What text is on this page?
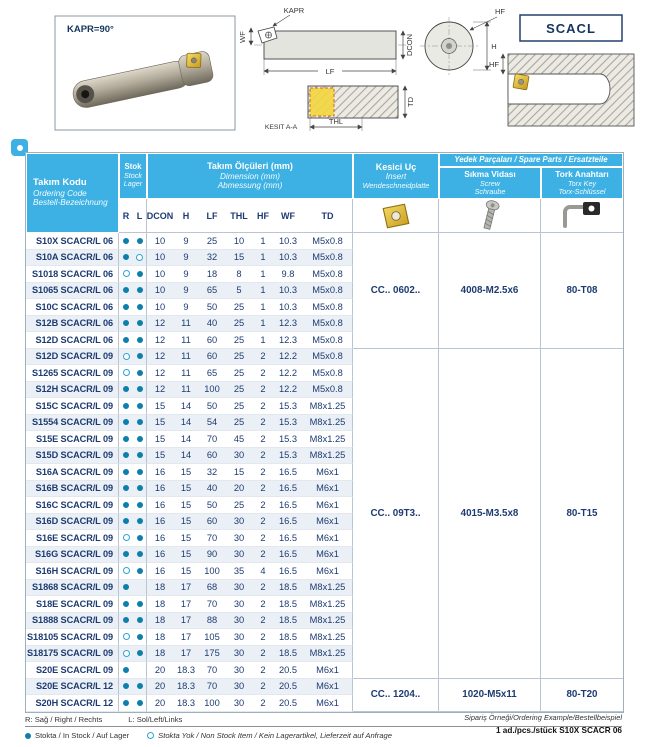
KAPR=90°
KAPR
WF	DCON
LF
TD
THL
KESIT A-A
H
HF
SCACL
HF
Takım Kodu
Ordering Code
Bestell-Bezeichnung
Stok
Stock
Lager
Takım Ölçüleri (mm)
Dimension (mm)
Abmessung (mm)
R L DCON	H	LF	THL	HF	WF	TD
Kesici Uç
Insert
Wendeschneidplatte
Yedek Parçaları / Spare Parts / Ersatzteile
Sıkma Vidası
Screw
Schraube
Tork Anahtarı
Torx Key
Torx-Schlüssel
S10X SCACR/L 06	10	9	25	10	1	10.3	M5x0.8
S10A SCACR/L 06	10	9	32	15	1	10.3	M5x0.8
S1018 SCACR/L 06	10	9	18	8	1	9.8	M5x0.8
S1065 SCACR/L 06	10	9	65	5	1	10.3	M5x0.8
S10C SCACR/L 06	10	9	50	25	1	10.3	M5x0.8
S12B SCACR/L 06	12	11	40	25	1	12.3	M5x0.8
S12D SCACR/L 06	12	11	60	25	1	12.3	M5x0.8
S12D SCACR/L 09	12	11	60	25	2	12.2	M5x0.8
S1265 SCACR/L 09	12	11	65	25	2	12.2	M5x0.8
S12H SCACR/L 09	12	11	100	25	2	12.2	M5x0.8
S15C SCACR/L 09	15	14	50	25	2	15.3	M8x1.25
S1554 SCACR/L 09	15	14	54	25	2	15.3	M8x1.25
S15E SCACR/L 09	15	14	70	45	2	15.3	M8x1.25
S15D SCACR/L 09	15	14	60	30	2	15.3	M8x1.25
S16A SCACR/L 09	16	15	32	15	2	16.5	M6x1
S16B SCACR/L 09	16	15	40	20	2	16.5	M6x1
S16C SCACR/L 09	16	15	50	25	2	16.5	M6x1
S16D SCACR/L 09	16	15	60	30	2	16.5	M6x1
S16E SCACR/L 09	16	15	70	30	2	16.5	M6x1
S16G SCACR/L 09	16	15	90	30	2	16.5	M6x1
S16H SCACR/L 09	16	15	100	35	4	16.5	M6x1
S1868 SCACR/L 09	18	17	68	30	2	18.5	M8x1.25
S18E SCACR/L 09	18	17	70	30	2	18.5	M8x1.25
S1888 SCACR/L 09	18	17	88	30	2	18.5	M8x1.25
S18105 SCACR/L 09	18	17	105	30	2	18.5	M8x1.25
S18175 SCACR/L 09	18	17	175	30	2	18.5	M8x1.25
S20E SCACR/L 09	20	18.3	70	30	2	20.5	M6x1
S20E SCACR/L 12	20	18.3	70	30	2	20.5	M6x1
S20H SCACR/L 12	20	18.3 100	30	2	20.5	M6x1
CC.. 0602..	4008-M2.5x6	80-T08
CC.. 09T3..	4015-M3.5x8	80-T15
CC.. 1204..	1020-M5x11	80-T20
R: Sağ / Right / Rechts	L: Sol/Left/Links
Stokta / In Stock / Auf Lager	Stokta Yok / Non Stock Item / Kein Lagerartikel, Lieferzeit auf Anfrage
Sipariş Örneği/Ordering Example/Bestellbeispiel
1 ad./pcs./stück S10X SCACR 06
